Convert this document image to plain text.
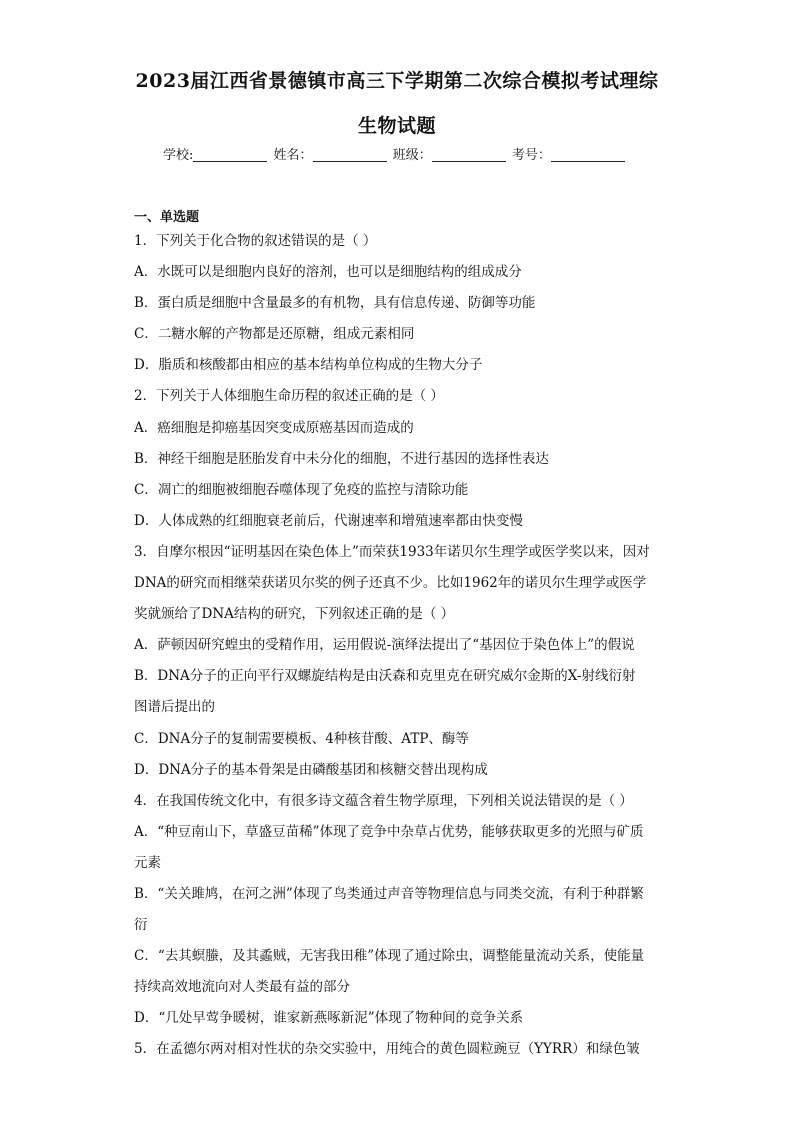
2023届江西省景德镇市高三下学期第二次综合模拟考试理综
生物试题
学校:	姓名：	班级：	考号：
一、单选题
1．下列关于化合物的叙述错误的是（ ）
A．水既可以是细胞内良好的溶剂，也可以是细胞结构的组成成分
B．蛋白质是细胞中含量最多的有机物，具有信息传递、防御等功能
C．二糖水解的产物都是还原糖，组成元素相同
D．脂质和核酸都由相应的基本结构单位构成的生物大分子
2．下列关于人体细胞生命历程的叙述正确的是（ ）
A．癌细胞是抑癌基因突变成原癌基因而造成的
B．神经干细胞是胚胎发育中未分化的细胞，不进行基因的选择性表达
C．凋亡的细胞被细胞吞噬体现了免疫的监控与清除功能
D．人体成熟的红细胞衰老前后，代谢速率和增殖速率都由快变慢
3．自摩尔根因“证明基因在染色体上”而荣获1933年诺贝尔生理学或医学奖以来，因对
DNA的研究而相继荣获诺贝尔奖的例子还真不少。比如1962年的诺贝尔生理学或医学
奖就颁给了DNA结构的研究，下列叙述正确的是（ ）
A．萨顿因研究蝗虫的受精作用，运用假说-演绎法提出了“基因位于染色体上”的假说
B．DNA分子的正向平行双螺旋结构是由沃森和克里克在研究威尔金斯的X-射线衍射
图谱后提出的
C．DNA分子的复制需要模板、4种核苷酸、ATP、酶等
D．DNA分子的基本骨架是由磷酸基团和核糖交替出现构成
4．在我国传统文化中，有很多诗文蕴含着生物学原理，下列相关说法错误的是（ ）
A．“种豆南山下，草盛豆苗稀”体现了竞争中杂草占优势，能够获取更多的光照与矿质
元素
B．“关关雎鸠，在河之洲”体现了鸟类通过声音等物理信息与同类交流，有利于种群繁
衍
C．“去其螟螣，及其蟊贼，无害我田稚”体现了通过除虫，调整能量流动关系，使能量
持续高效地流向对人类最有益的部分
D．“几处早莺争暖树，谁家新燕啄新泥”体现了物种间的竞争关系
5．在孟德尔两对相对性状的杂交实验中，用纯合的黄色圆粒豌豆（YYRR）和绿色皱
